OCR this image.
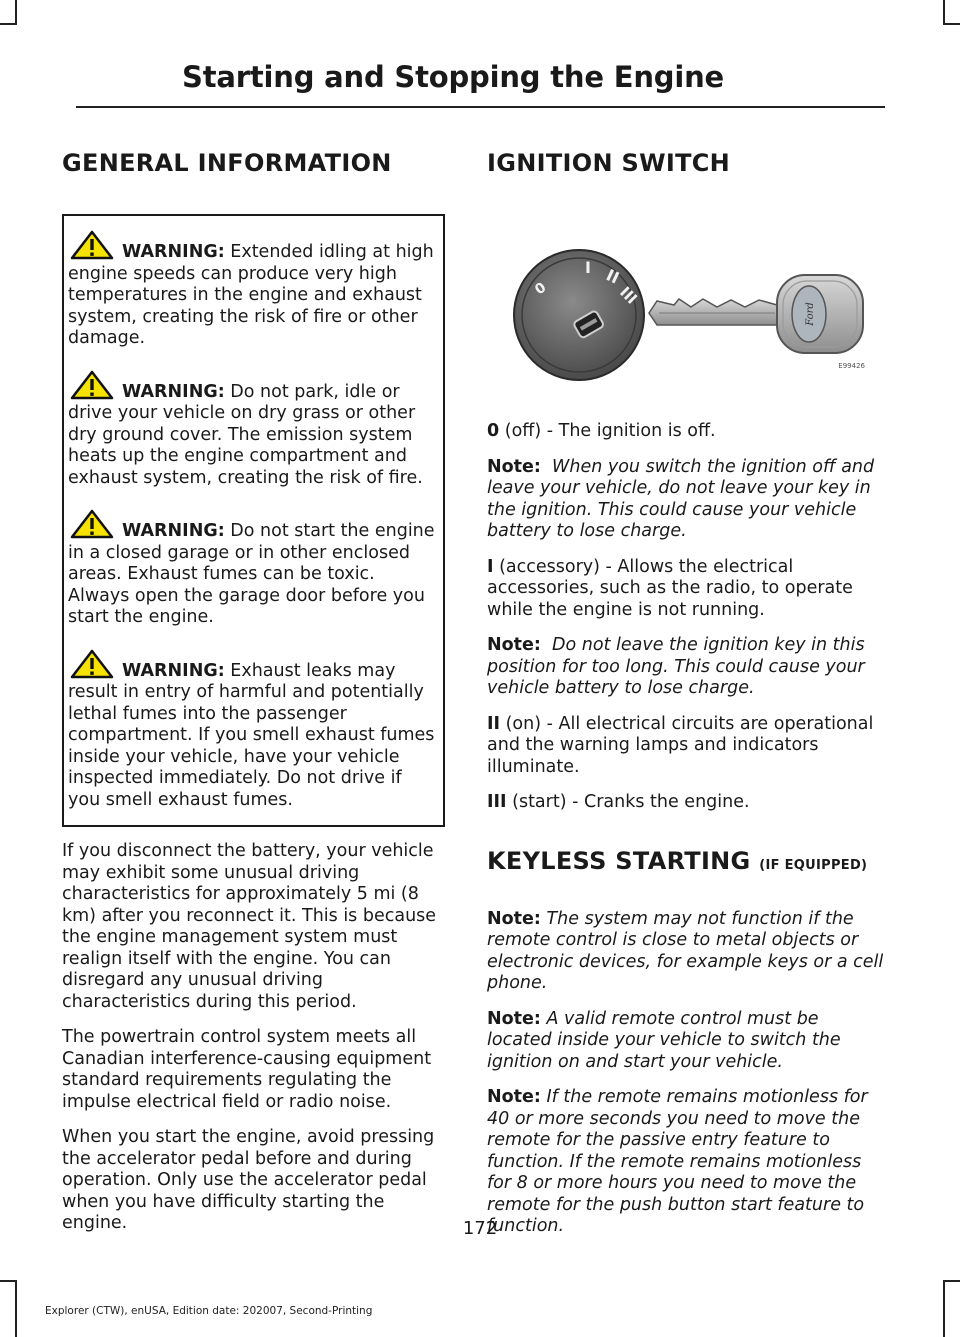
Starting and Stopping the Engine
GENERAL INFORMATION

WARNING: Extended idling at high engine speeds can produce very high temperatures in the engine and exhaust system, creating the risk of fire or other damage.

WARNING: Do not park, idle or drive your vehicle on dry grass or other dry ground cover. The emission system heats up the engine compartment and exhaust system, creating the risk of fire.

WARNING: Do not start the engine in a closed garage or in other enclosed areas. Exhaust fumes can be toxic. Always open the garage door before you start the engine.

WARNING: Exhaust leaks may result in entry of harmful and potentially lethal fumes into the passenger compartment. If you smell exhaust fumes inside your vehicle, have your vehicle inspected immediately. Do not drive if you smell exhaust fumes.

If you disconnect the battery, your vehicle may exhibit some unusual driving characteristics for approximately 5 mi (8 km) after you reconnect it. This is because the engine management system must realign itself with the engine. You can disregard any unusual driving characteristics during this period.

The powertrain control system meets all Canadian interference-causing equipment standard requirements regulating the impulse electrical field or radio noise.

When you start the engine, avoid pressing the accelerator pedal before and during operation. Only use the accelerator pedal when you have difficulty starting the engine.

IGNITION SWITCH
0
I II
III
Ford
E99426

0 (off) - The ignition is off.

Note: When you switch the ignition off and leave your vehicle, do not leave your key in the ignition. This could cause your vehicle battery to lose charge.

I (accessory) - Allows the electrical accessories, such as the radio, to operate while the engine is not running.

Note: Do not leave the ignition key in this position for too long. This could cause your vehicle battery to lose charge.

II (on) - All electrical circuits are operational and the warning lamps and indicators illuminate.

III (start) - Cranks the engine.

KEYLESS STARTING (IF EQUIPPED)

Note: The system may not function if the remote control is close to metal objects or electronic devices, for example keys or a cell phone.

Note: A valid remote control must be located inside your vehicle to switch the ignition on and start your vehicle.

Note: If the remote remains motionless for 40 or more seconds you need to move the remote for the passive entry feature to function. If the remote remains motionless for 8 or more hours you need to move the remote for the push button start feature to function.

172
Explorer (CTW), enUSA, Edition date: 202007, Second-Printing
